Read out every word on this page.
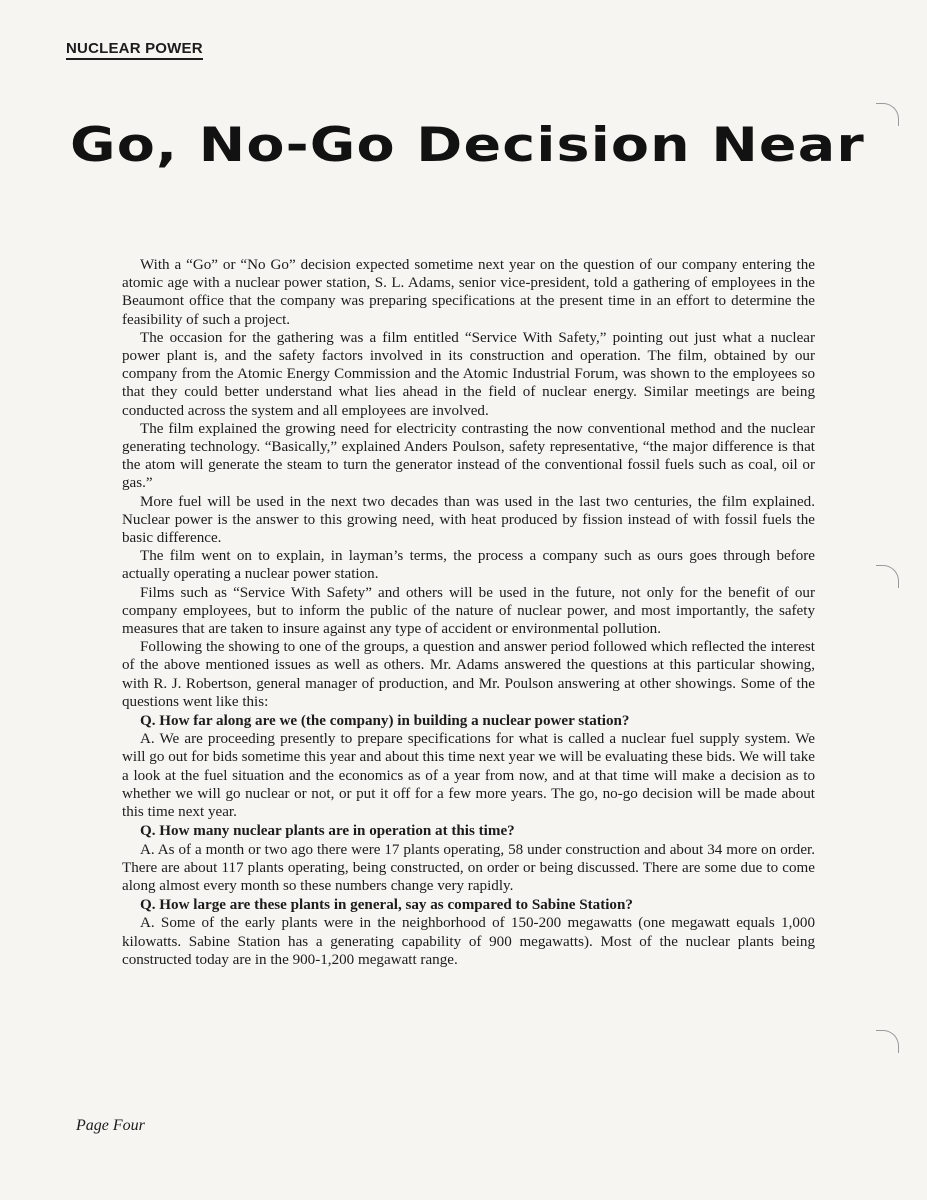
NUCLEAR POWER
Go, No-Go Decision Near

With a “Go” or “No Go” decision expected sometime next year on the question of our company entering the atomic age with a nuclear power station, S. L. Adams, senior vice-president, told a gathering of employees in the Beaumont office that the company was preparing specifications at the present time in an effort to determine the feasibility of such a project.

The occasion for the gathering was a film entitled “Service With Safety,” pointing out just what a nuclear power plant is, and the safety factors involved in its construction and operation. The film, obtained by our company from the Atomic Energy Commission and the Atomic Industrial Forum, was shown to the employees so that they could better understand what lies ahead in the field of nuclear energy. Similar meetings are being conducted across the system and all employees are involved.

The film explained the growing need for electricity contrasting the now conventional method and the nuclear generating technology. “Basically,” explained Anders Poulson, safety representative, “the major difference is that the atom will generate the steam to turn the generator instead of the conventional fossil fuels such as coal, oil or gas.”

More fuel will be used in the next two decades than was used in the last two centuries, the film explained. Nuclear power is the answer to this growing need, with heat produced by fission instead of with fossil fuels the basic difference.

The film went on to explain, in layman’s terms, the process a company such as ours goes through before actually operating a nuclear power station.

Films such as “Service With Safety” and others will be used in the future, not only for the benefit of our company employees, but to inform the public of the nature of nuclear power, and most importantly, the safety measures that are taken to insure against any type of accident or environmental pollution.

Following the showing to one of the groups, a question and answer period followed which reflected the interest of the above mentioned issues as well as others. Mr. Adams answered the questions at this particular showing, with R. J. Robertson, general manager of production, and Mr. Poulson answering at other showings. Some of the questions went like this:

Q. How far along are we (the company) in building a nuclear power station?

A. We are proceeding presently to prepare specifications for what is called a nuclear fuel supply system. We will go out for bids sometime this year and about this time next year we will be evaluating these bids. We will take a look at the fuel situation and the economics as of a year from now, and at that time will make a decision as to whether we will go nuclear or not, or put it off for a few more years. The go, no-go decision will be made about this time next year.

Q. How many nuclear plants are in operation at this time?

A. As of a month or two ago there were 17 plants operating, 58 under construction and about 34 more on order. There are about 117 plants operating, being constructed, on order or being discussed. There are some due to come along almost every month so these numbers change very rapidly.

Q. How large are these plants in general, say as compared to Sabine Station?

A. Some of the early plants were in the neighborhood of 150-200 megawatts (one megawatt equals 1,000 kilowatts. Sabine Station has a generating capability of 900 megawatts). Most of the nuclear plants being constructed today are in the 900-1,200 megawatt range.

Page Four
